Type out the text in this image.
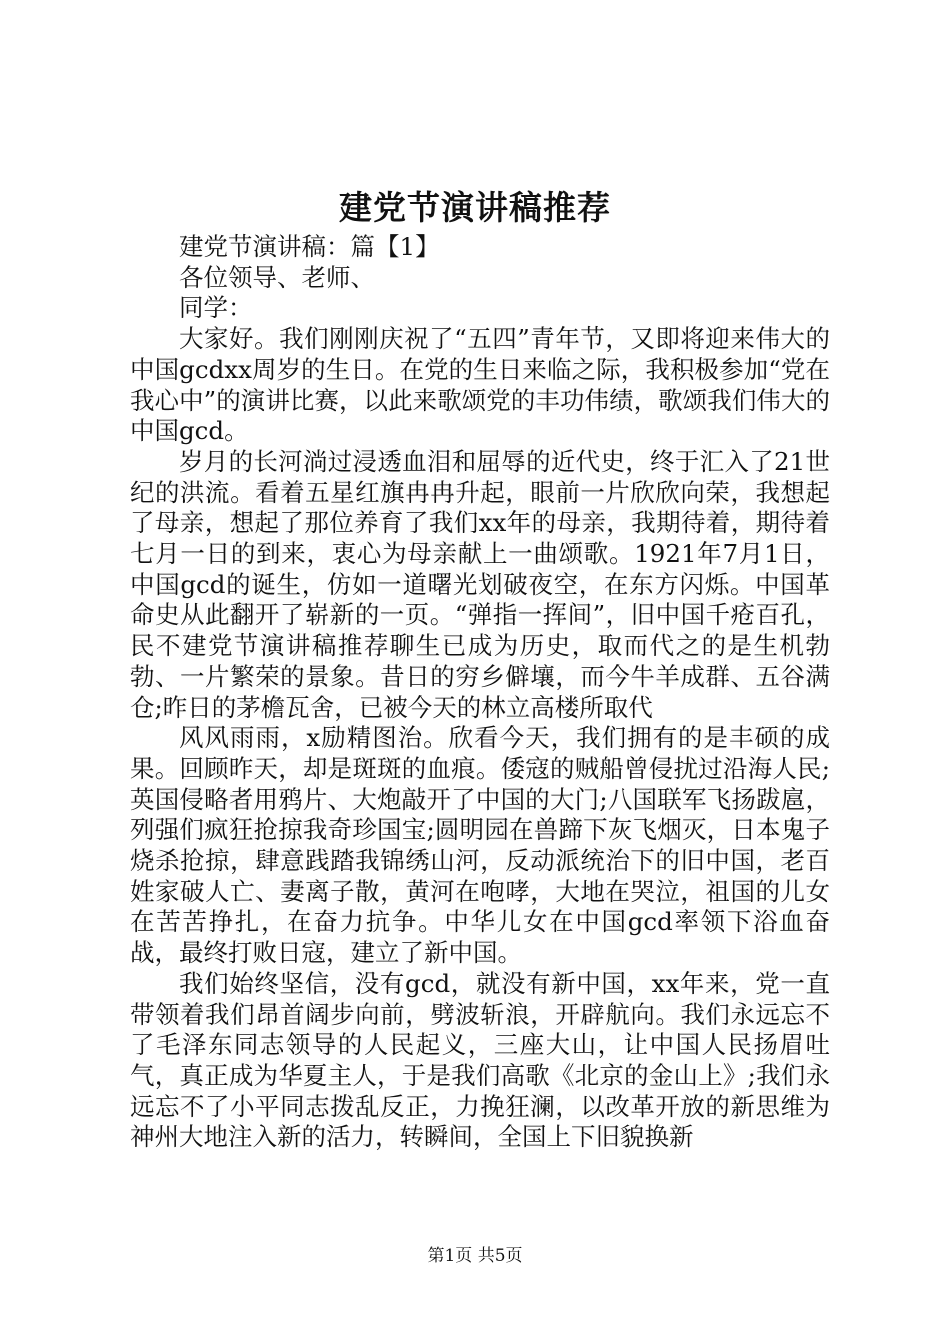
建党节演讲稿推荐

建党节演讲稿：篇【1】

各位领导、老师、

同学：

大家好。我们刚刚庆祝了“五四”青年节，又即将迎来伟大的中国gcdxx周岁的生日。在党的生日来临之际，我积极参加“党在我心中”的演讲比赛，以此来歌颂党的丰功伟绩，歌颂我们伟大的中国gcd。

岁月的长河淌过浸透血泪和屈辱的近代史，终于汇入了21世纪的洪流。看着五星红旗冉冉升起，眼前一片欣欣向荣，我想起了母亲，想起了那位养育了我们xx年的母亲，我期待着，期待着七月一日的到来，衷心为母亲献上一曲颂歌。1921年7月1日，中国gcd的诞生，仿如一道曙光划破夜空，在东方闪烁。中国革命史从此翻开了崭新的一页。“弹指一挥间”，旧中国千疮百孔，民不建党节演讲稿推荐聊生已成为历史，取而代之的是生机勃勃、一片繁荣的景象。昔日的穷乡僻壤，而今牛羊成群、五谷满仓;昨日的茅檐瓦舍，已被今天的林立高楼所取代

风风雨雨，x励精图治。欣看今天，我们拥有的是丰硕的成果。回顾昨天，却是斑斑的血痕。倭寇的贼船曾侵扰过沿海人民;英国侵略者用鸦片、大炮敲开了中国的大门;八国联军飞扬跋扈，列强们疯狂抢掠我奇珍国宝;圆明园在兽蹄下灰飞烟灭，日本鬼子烧杀抢掠，肆意践踏我锦绣山河，反动派统治下的旧中国，老百姓家破人亡、妻离子散，黄河在咆哮，大地在哭泣，祖国的儿女在苦苦挣扎，在奋力抗争。中华儿女在中国gcd率领下浴血奋战，最终打败日寇，建立了新中国。

我们始终坚信，没有gcd，就没有新中国，xx年来，党一直带领着我们昂首阔步向前，劈波斩浪，开辟航向。我们永远忘不了毛泽东同志领导的人民起义，三座大山，让中国人民扬眉吐气，真正成为华夏主人，于是我们高歌《北京的金山上》;我们永远忘不了小平同志拨乱反正，力挽狂澜，以改革开放的新思维为神州大地注入新的活力，转瞬间，全国上下旧貌换新

第1页 共5页
